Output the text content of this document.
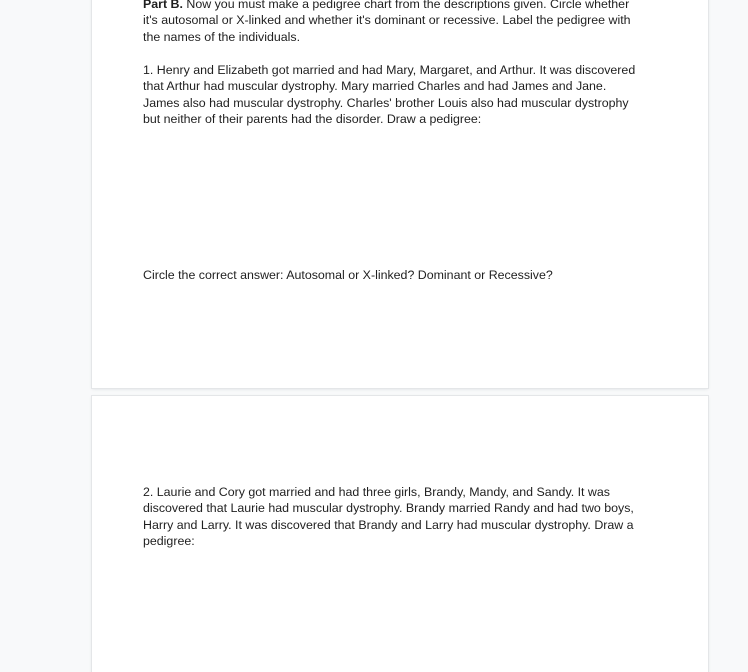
Part B. Now you must make a pedigree chart from the descriptions given. Circle whether it's autosomal or X-linked and whether it's dominant or recessive. Label the pedigree with the names of the individuals.

1. Henry and Elizabeth got married and had Mary, Margaret, and Arthur. It was discovered that Arthur had muscular dystrophy. Mary married Charles and had James and Jane. James also had muscular dystrophy. Charles' brother Louis also had muscular dystrophy but neither of their parents had the disorder. Draw a pedigree:

Circle the correct answer: Autosomal or X-linked? Dominant or Recessive?

2. Laurie and Cory got married and had three girls, Brandy, Mandy, and Sandy. It was discovered that Laurie had muscular dystrophy. Brandy married Randy and had two boys, Harry and Larry. It was discovered that Brandy and Larry had muscular dystrophy. Draw a pedigree:
